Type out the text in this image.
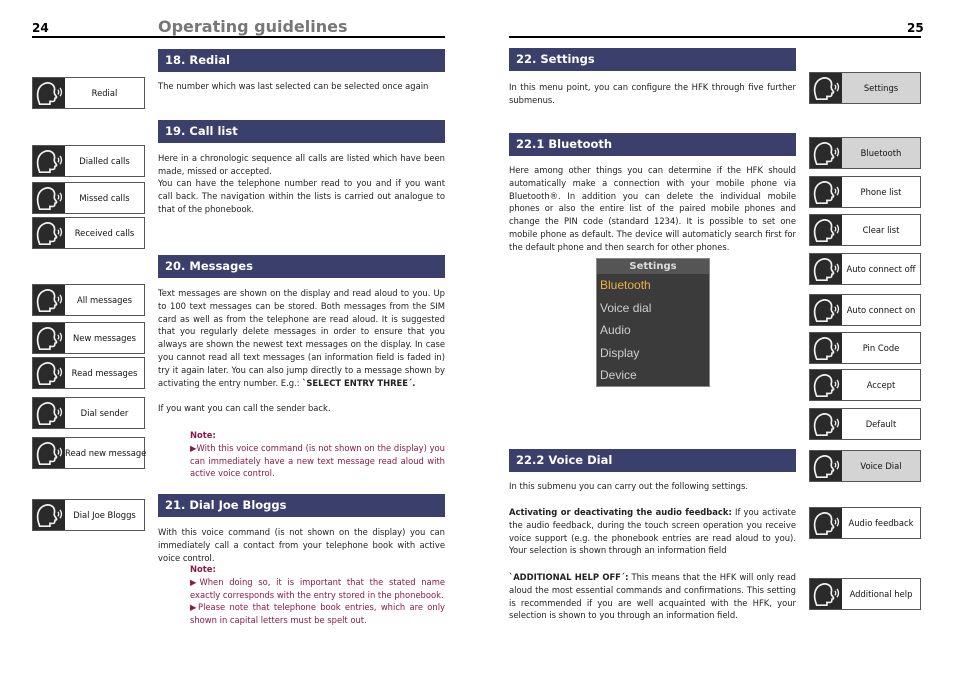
24	Operating guidelines	25
18. Redial
The number which was last selected can be selected once again
19. Call list
Here in a chronologic sequence all calls are listed which have been made, missed or accepted.
You can have the telephone number read to you and if you want call back. The navigation within the lists is carried out analogue to that of the phonebook.
20. Messages
Text messages are shown on the display and read aloud to you. Up to 100 text messages can be stored. Both messages from the SIM card as well as from the telephone are read aloud. It is suggested that you regularly delete messages in order to ensure that you always are shown the newest text messages on the display. In case you cannot read all text messages (an information field is faded in) try it again later. You can also jump directly to a message shown by activating the entry number. E.g.: `SELECT ENTRY THREE´.
If you want you can call the sender back.
Note:
▶With this voice command (is not shown on the display) you can immediately have a new text message read aloud with active voice control.
21. Dial Joe Bloggs
With this voice command (is not shown on the display) you can immediately call a contact from your telephone book with active voice control.
Note:
▶When doing so, it is important that the stated name exactly corresponds with the entry stored in the phonebook.
▶Please note that telephone book entries, which are only shown in capital letters must be spelt out.
Redial
Dialled calls
Missed calls
Received calls
All messages
New messages
Read messages
Dial sender
Read new message
Dial Joe Bloggs
22. Settings
In this menu point, you can configure the HFK through five further submenus.
22.1 Bluetooth
Here among other things you can determine if the HFK should automatically make a connection with your mobile phone via Bluetooth®. In addition you can delete the individual mobile phones or also the entire list of the paired mobile phones and change the PIN code (standard 1234). It is possible to set one mobile phone as default. The device will automaticly search first for the default phone and then search for other phones.
Settings
Bluetooth
Voice dial
Audio
Display
Device
22.2 Voice Dial
In this submenu you can carry out the following settings.
Activating or deactivating the audio feedback: If you activate the audio feedback, during the touch screen operation you receive voice support (e.g. the phonebook entries are read aloud to you). Your selection is shown through an information field
`ADDITIONAL HELP OFF´: This means that the HFK will only read aloud the most essential commands and confirmations. This setting is recommended if you are well acquainted with the HFK, your selection is shown to you through an information field.
Settings
Bluetooth
Phone list
Clear list
Auto connect off
Auto connect on
Pin Code
Accept
Default
Voice Dial
Audio feedback
Additional help
